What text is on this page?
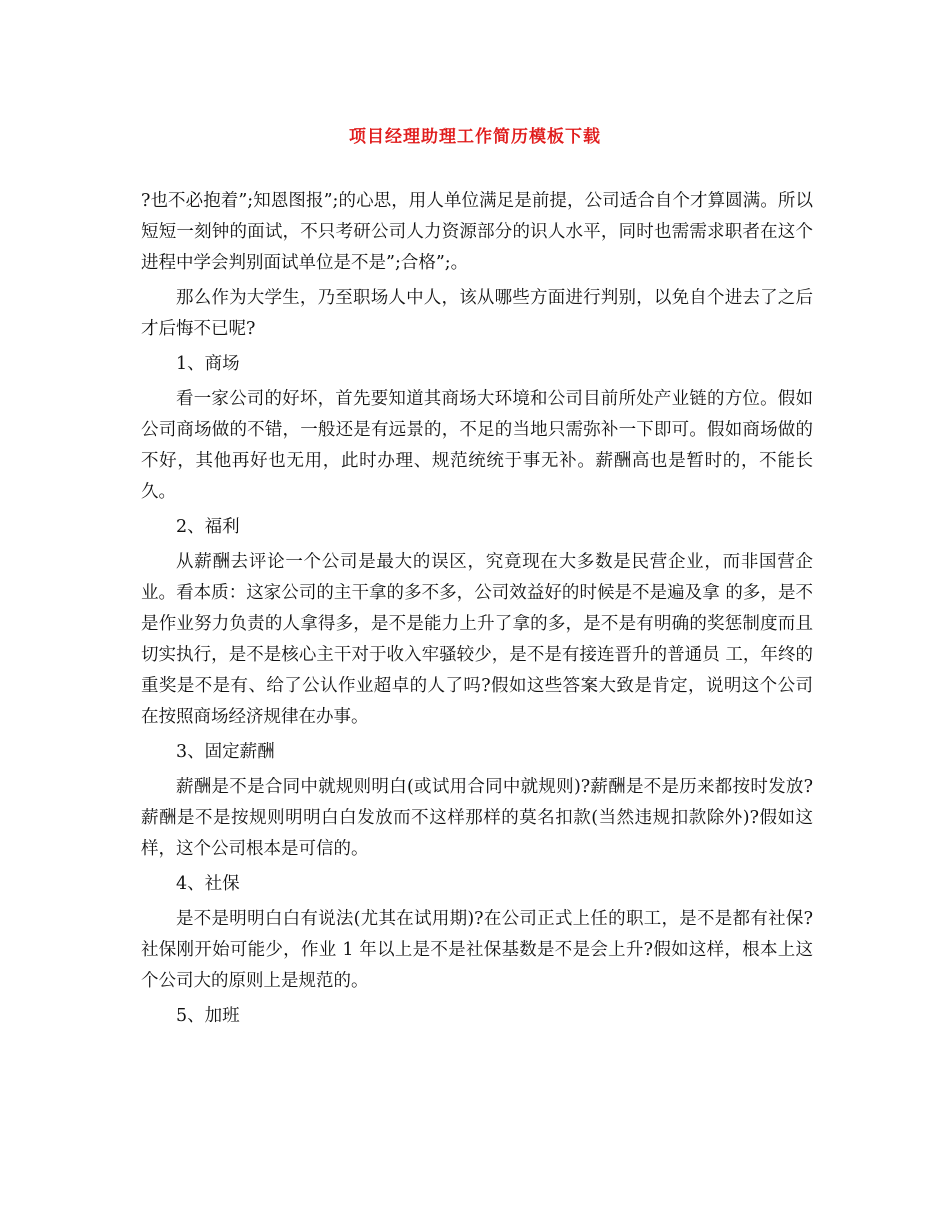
项目经理助理工作简历模板下载

?也不必抱着”;知恩图报”;的心思，用人单位满足是前提，公司适合自个才算圆满。所以短短一刻钟的面试，不只考研公司人力资源部分的识人水平，同时也需需求职者在这个进程中学会判别面试单位是不是”;合格”;。

那么作为大学生，乃至职场人中人，该从哪些方面进行判别，以免自个进去了之后才后悔不已呢?

1、商场

看一家公司的好坏，首先要知道其商场大环境和公司目前所处产业链的方位。假如公司商场做的不错，一般还是有远景的，不足的当地只需弥补一下即可。假如商场做的不好，其他再好也无用，此时办理、规范统统于事无补。薪酬高也是暂时的，不能长久。

2、福利

从薪酬去评论一个公司是最大的误区，究竟现在大多数是民营企业，而非国营企业。看本质：这家公司的主干拿的多不多，公司效益好的时候是不是遍及拿 的多，是不是作业努力负责的人拿得多，是不是能力上升了拿的多，是不是有明确的奖惩制度而且切实执行，是不是核心主干对于收入牢骚较少，是不是有接连晋升的普通员 工，年终的重奖是不是有、给了公认作业超卓的人了吗?假如这些答案大致是肯定，说明这个公司在按照商场经济规律在办事。

3、固定薪酬

薪酬是不是合同中就规则明白(或试用合同中就规则)?薪酬是不是历来都按时发放?薪酬是不是按规则明明白白发放而不这样那样的莫名扣款(当然违规扣款除外)?假如这样，这个公司根本是可信的。

4、社保

是不是明明白白有说法(尤其在试用期)?在公司正式上任的职工，是不是都有社保?社保刚开始可能少，作业 1 年以上是不是社保基数是不是会上升?假如这样，根本上这个公司大的原则上是规范的。

5、加班
